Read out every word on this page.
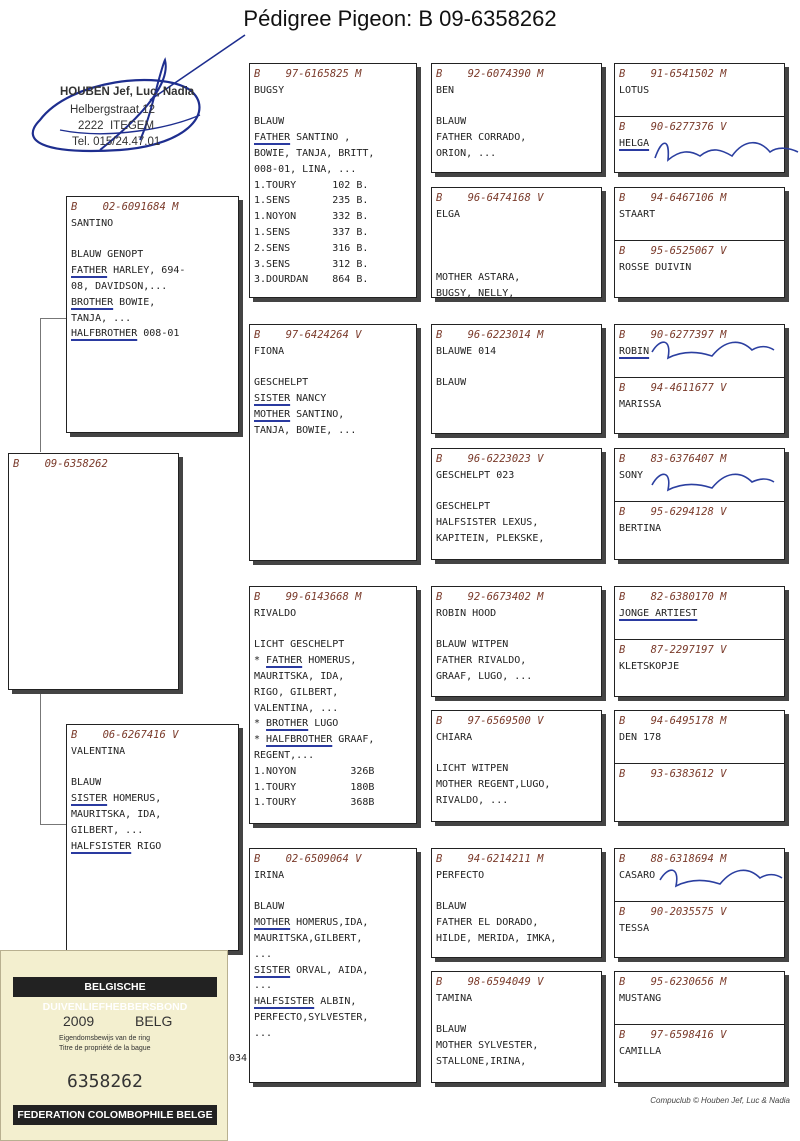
Pédigree Pigeon: B 09-6358262
HOUBEN Jef, Luc, Nadia
Helbergstraat 12
2222  ITEGEM
Tel. 015/24.47.01
B    09-6358262
B    02-6091684 M
SANTINO

BLAUW GENOPT
FATHER HARLEY, 694-
08, DAVIDSON,...
BROTHER BOWIE,
TANJA, ...
HALFBROTHER 008-01
B    06-6267416 V
VALENTINA

BLAUW
SISTER HOMERUS,
MAURITSKA, IDA,
GILBERT, ...
HALFSISTER RIGO
B    97-6165825 M
BUGSY

BLAUW
FATHER SANTINO ,
BOWIE, TANJA, BRITT,
008-01, LINA, ...
1.TOURY      102 B.
1.SENS       235 B.
1.NOYON      332 B.
1.SENS       337 B.
2.SENS       316 B.
3.SENS       312 B.
3.DOURDAN    864 B.
B    97-6424264 V
FIONA

GESCHELPT
SISTER NANCY
MOTHER SANTINO,
TANJA, BOWIE, ...
B    99-6143668 M
RIVALDO

LICHT GESCHELPT
* FATHER HOMERUS,
MAURITSKA, IDA,
RIGO, GILBERT,
VALENTINA, ...
* BROTHER LUGO
* HALFBROTHER GRAAF,
REGENT,...
1.NOYON         326B
1.TOURY         180B
1.TOURY         368B
B    02-6509064 V
IRINA

BLAUW
MOTHER HOMERUS,IDA,
MAURITSKA,GILBERT,
...
SISTER ORVAL, AIDA,
...
HALFSISTER ALBIN,
PERFECTO,SYLVESTER,
...
B    92-6074390 M
BEN

BLAUW
FATHER CORRADO,
ORION, ...
B    96-6474168 V
ELGA

MOTHER ASTARA,
BUGSY, NELLY,
B    96-6223014 M
BLAUWE 014

BLAUW
B    96-6223023 V
GESCHELPT 023

GESCHELPT
HALFSISTER LEXUS,
KAPITEIN, PLEKSKE,
B    92-6673402 M
ROBIN HOOD

BLAUW WITPEN
FATHER RIVALDO,
GRAAF, LUGO, ...
B    97-6569500 V
CHIARA

LICHT WITPEN
MOTHER REGENT,LUGO,
RIVALDO, ...
B    94-6214211 M
PERFECTO

BLAUW
FATHER EL DORADO,
HILDE, MERIDA, IMKA,
B    98-6594049 V
TAMINA

BLAUW
MOTHER SYLVESTER,
STALLONE,IRINA,
B    91-6541502 M
LOTUS
B    90-6277376 V
HELGA
B    94-6467106 M
STAART
B    95-6525067 V
ROSSE DUIVIN
B    90-6277397 M
ROBIN
B    94-4611677 V
MARISSA
B    83-6376407 M
SONY
B    95-6294128 V
BERTINA
B    82-6380170 M
JONGE ARTIEST
B    87-2297197 V
KLETSKOPJE
B    94-6495178 M
DEN 178
B    93-6383612 V
B    88-6318694 M
CASARO
B    90-2035575 V
TESSA
B    95-6230656 M
MUSTANG
B    97-6598416 V
CAMILLA
BELGISCHE DUIVENLIEFHEBBERSBOND
2009	BELG
Eigendomsbewijs van de ring
Titre de propriété de la bague
6358262
FEDERATION COLOMBOPHILE BELGE
034
Compuclub © Houben Jef, Luc & Nadia
